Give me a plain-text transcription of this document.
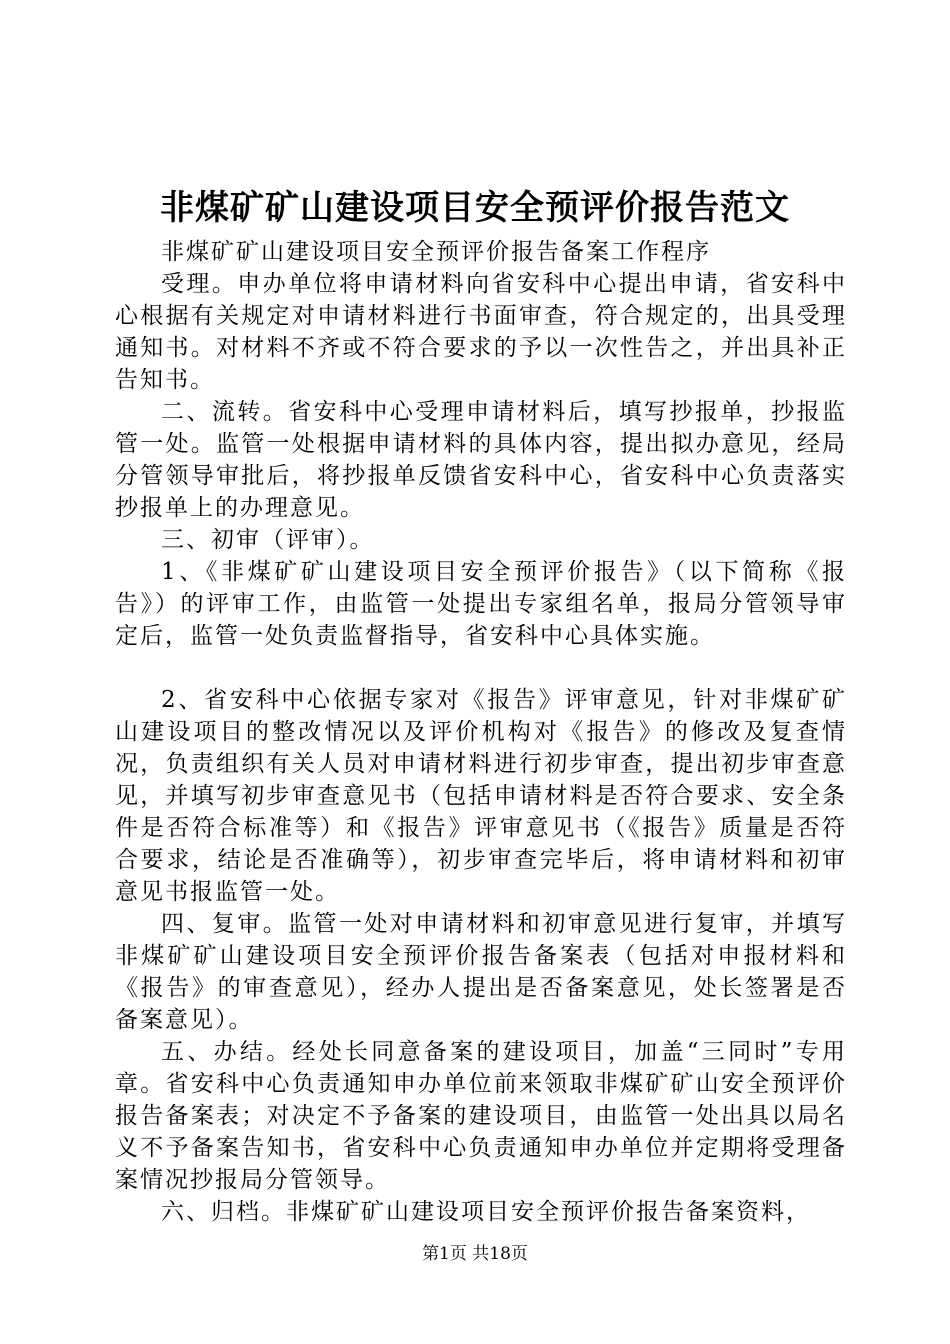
非煤矿矿山建设项目安全预评价报告范文

非煤矿矿山建设项目安全预评价报告备案工作程序

受理。申办单位将申请材料向省安科中心提出申请，省安科中心根据有关规定对申请材料进行书面审查，符合规定的，出具受理通知书。对材料不齐或不符合要求的予以一次性告之，并出具补正告知书。

二、流转。省安科中心受理申请材料后，填写抄报单，抄报监管一处。监管一处根据申请材料的具体内容，提出拟办意见，经局分管领导审批后，将抄报单反馈省安科中心，省安科中心负责落实抄报单上的办理意见。

三、初审（评审）。

1、《非煤矿矿山建设项目安全预评价报告》（以下简称《报告》）的评审工作，由监管一处提出专家组名单，报局分管领导审定后，监管一处负责监督指导，省安科中心具体实施。

2、省安科中心依据专家对《报告》评审意见，针对非煤矿矿山建设项目的整改情况以及评价机构对《报告》的修改及复查情况，负责组织有关人员对申请材料进行初步审查，提出初步审查意见，并填写初步审查意见书（包括申请材料是否符合要求、安全条件是否符合标准等）和《报告》评审意见书（《报告》质量是否符合要求，结论是否准确等），初步审查完毕后，将申请材料和初审意见书报监管一处。

四、复审。监管一处对申请材料和初审意见进行复审，并填写非煤矿矿山建设项目安全预评价报告备案表（包括对申报材料和《报告》的审查意见），经办人提出是否备案意见，处长签署是否备案意见）。

五、办结。经处长同意备案的建设项目，加盖“三同时”专用章。省安科中心负责通知申办单位前来领取非煤矿矿山安全预评价报告备案表；对决定不予备案的建设项目，由监管一处出具以局名义不予备案告知书，省安科中心负责通知申办单位并定期将受理备案情况抄报局分管领导。

六、归档。非煤矿矿山建设项目安全预评价报告备案资料，

第1页 共18页
